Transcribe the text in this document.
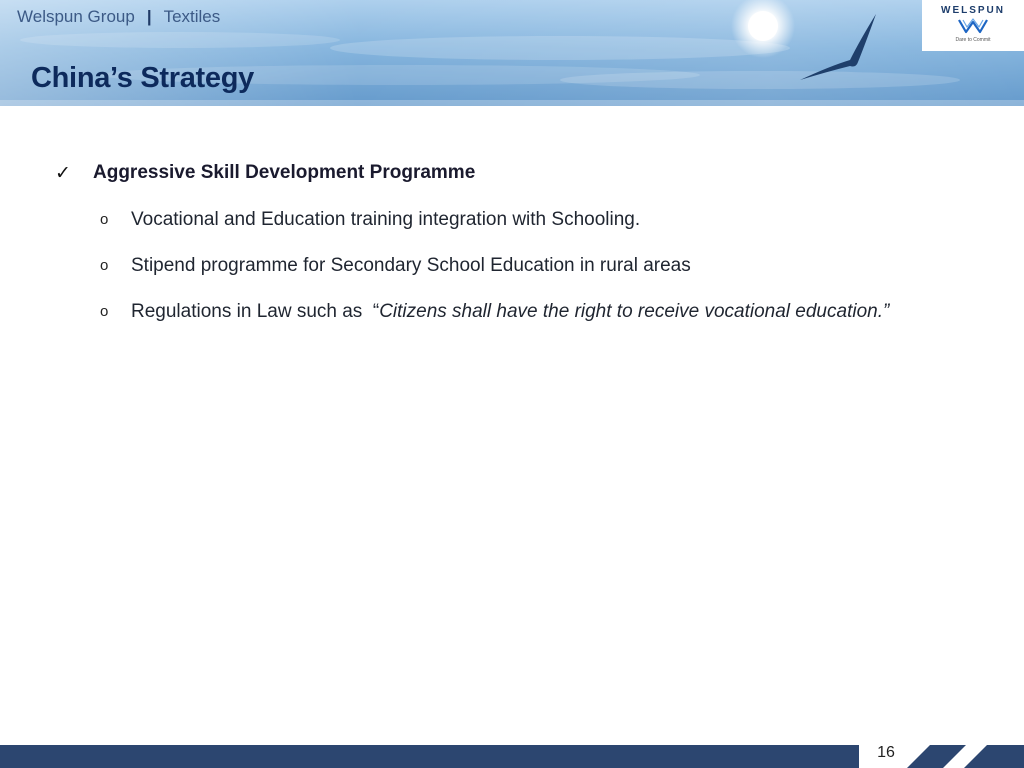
Welspun Group | Textiles
China’s Strategy
WELSPUN
Dare to Commit
✓ Aggressive Skill Development Programme
o Vocational and Education training integration with Schooling.
o Stipend programme for Secondary School Education in rural areas
o Regulations in Law such as  “ Citizens shall have the right to receive vocational education.”
16
